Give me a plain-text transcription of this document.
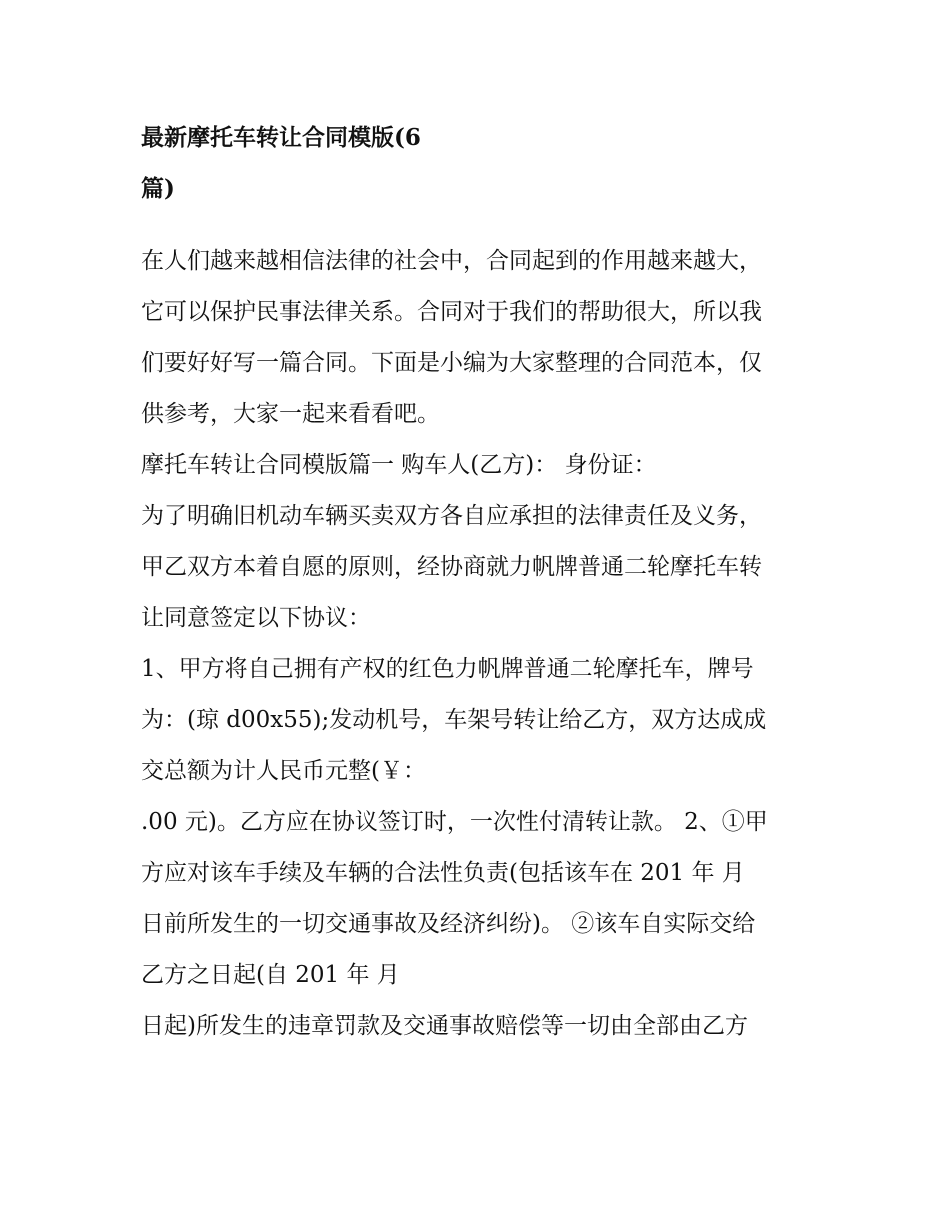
最新摩托车转让合同模版(6
篇)
在人们越来越相信法律的社会中，合同起到的作用越来越大，
它可以保护民事法律关系。合同对于我们的帮助很大，所以我
们要好好写一篇合同。下面是小编为大家整理的合同范本，仅
供参考，大家一起来看看吧。
摩托车转让合同模版篇一 购车人(乙方)： 身份证：
为了明确旧机动车辆买卖双方各自应承担的法律责任及义务，
甲乙双方本着自愿的原则，经协商就力帆牌普通二轮摩托车转
让同意签定以下协议：
1、甲方将自己拥有产权的红色力帆牌普通二轮摩托车，牌号
为：(琼 d00x55);发动机号，车架号转让给乙方，双方达成成
交总额为计人民币元整(￥：
.00 元)。乙方应在协议签订时，一次性付清转让款。 2、①甲
方应对该车手续及车辆的合法性负责(包括该车在 201 年 月
日前所发生的一切交通事故及经济纠纷)。 ②该车自实际交给
乙方之日起(自 201 年 月
日起)所发生的违章罚款及交通事故赔偿等一切由全部由乙方
